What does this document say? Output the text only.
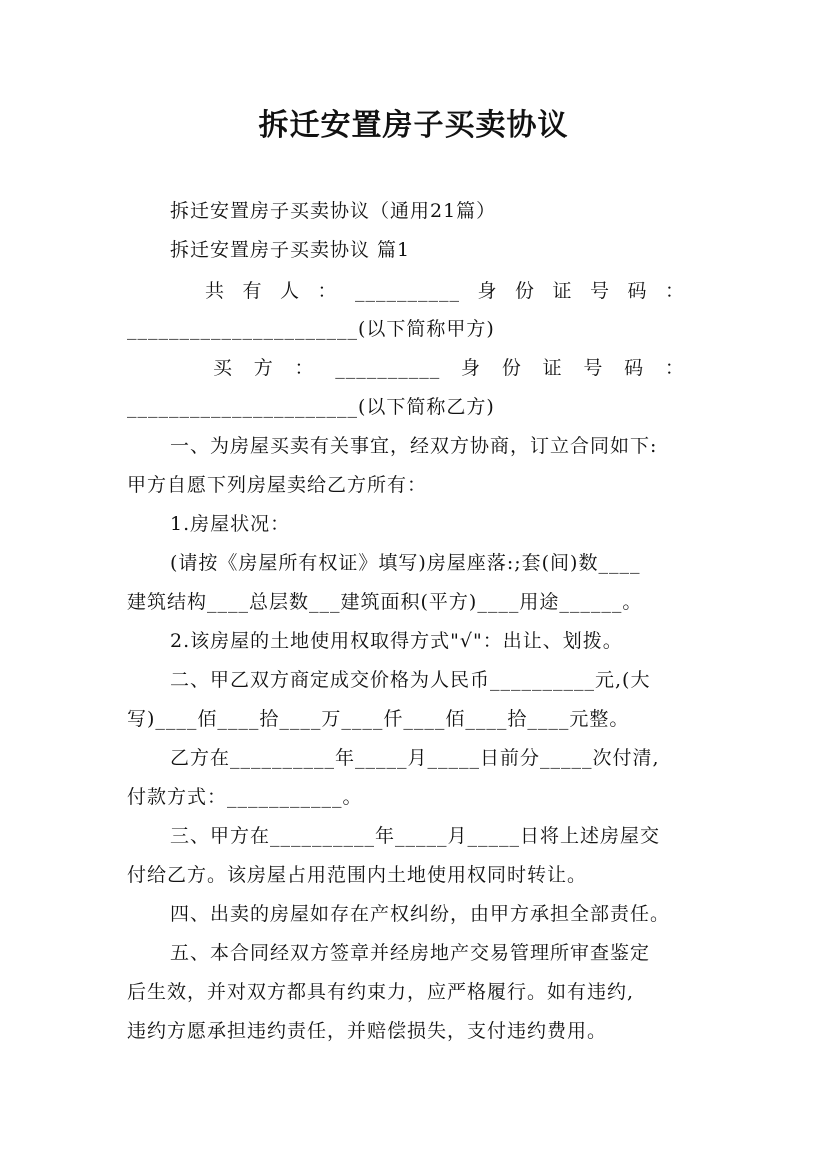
拆迁安置房子买卖协议
拆迁安置房子买卖协议（通用21篇）
拆迁安置房子买卖协议 篇1
共 有 人 ： __________ 身 份 证 号 码 ：
______________________(以下简称甲方)
买 方 ： __________ 身 份 证 号 码 ：
______________________(以下简称乙方)
一、为房屋买卖有关事宜，经双方协商，订立合同如下:
甲方自愿下列房屋卖给乙方所有：
1.房屋状况：
(请按《房屋所有权证》填写)房屋座落:;套(间)数____
建筑结构____总层数___建筑面积(平方)____用途______。
2.该房屋的土地使用权取得方式"√"：出让、划拨。
二、甲乙双方商定成交价格为人民币__________元,(大
写)____佰____拾____万____仟____佰____拾____元整。
乙方在__________年_____月_____日前分_____次付清,
付款方式：___________。
三、甲方在__________年_____月_____日将上述房屋交
付给乙方。该房屋占用范围内土地使用权同时转让。
四、出卖的房屋如存在产权纠纷，由甲方承担全部责任。
五、本合同经双方签章并经房地产交易管理所审查鉴定
后生效，并对双方都具有约束力，应严格履行。如有违约,
违约方愿承担违约责任，并赔偿损失，支付违约费用。
